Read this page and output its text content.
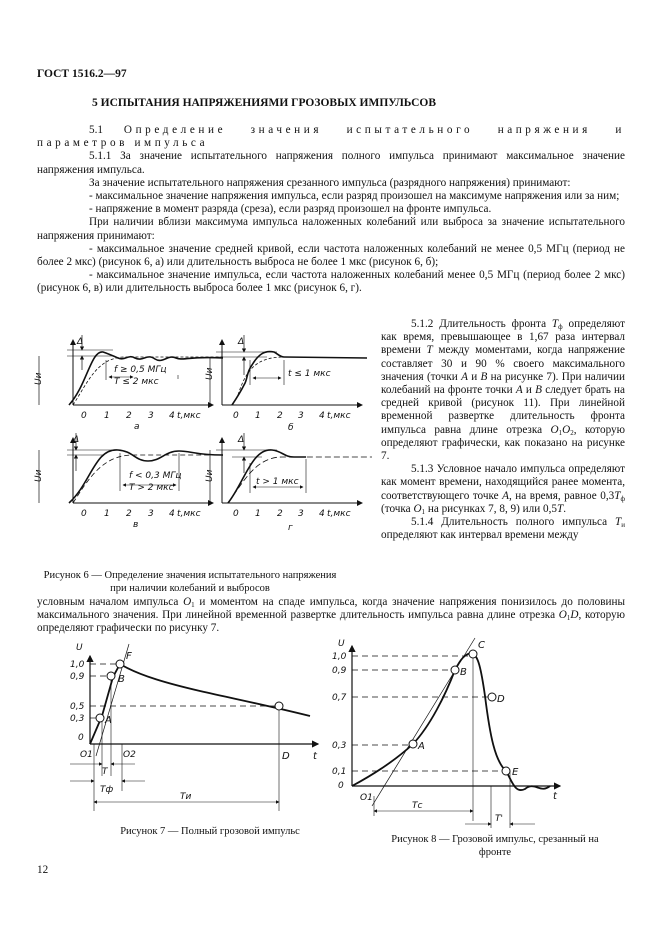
ГОСТ 1516.2—97
5 ИСПЫТАНИЯ НАПРЯЖЕНИЯМИ ГРОЗОВЫХ ИМПУЛЬСОВ

5.1 Определение значения испытательного напряжения и параметров импульса

5.1.1 За значение испытательного напряжения полного импульса принимают максимальное значение напряжения импульса.

За значение испытательного напряжения срезанного импульса (разрядного напряжения) принимают:

- максимальное значение напряжения импульса, если разряд произошел на максимуме напряжения или за ним;

- напряжение в момент разряда (среза), если разряд произошел на фронте импульса.

При наличии вблизи максимума импульса наложенных колебаний или выброса за значение испытательного напряжения принимают:

- максимальное значение средней кривой, если частота наложенных колебаний не менее 0,5 МГц (период не более 2 мкс) (рисунок 6, а) или длительность выброса не более 1 мкс (рисунок 6, б);

- максимальное значение импульса, если частота наложенных колебаний менее 0,5 МГц (период более 2 мкс) (рисунок 6, в) или длительность выброса более 1 мкс (рисунок 6, г).

5.1.2 Длительность фронта $T_ф$ определяют как время, превышающее в 1,67 раза интервал времени T между моментами, когда напряжение составляет 30 и 90 % своего максимального значения (точки A и B на рисунке 7). При наличии колебаний на фронте точки A и B следует брать на средней кривой (рисунок 11). При линейной временной развертке длительность фронта импульса равна длине отрезка $O_1O_2$, которую определяют графически, как показано на рисунке 7.

5.1.3 Условное начало импульса определяют как момент времени, находящийся ранее момента, соответствующего точке A, на время, равное $0,3T_ф$ (точка $O_1$ на рисунках 7, 8, 9) или 0,5T.

5.1.4 Длительность полного импульса $T_и$ определяют как интервал времени между

условным началом импульса $O_1$ и моментом на спаде импульса, когда значение напряжения понизилось до половины максимального значения. При линейной временной развертке длительность импульса равна длине отрезка $O_1D$, которую определяют графически по рисунку 7.

Uи
Δ
0 1 2 3 4 t,мкс
а
f ≥ 0,5 МГц
T ≤ 2 мкс
Uи
Δ
0 1 2 3 4 t,мкс
б
t ≤ 1 мкс
Uи
Δ
0 1 2 3 4 t,мкс
в
f < 0,3 МГц
T > 2 мкс
Uи
Δ
0 1 2 3 4 t,мкс
г
t > 1 мкс
U
1,0
0,9
0,5
0,3
0
F
B
A
D
O1	O2	t
T
Tф
Tи
U
1,0
0,9
0,7
0,3
0,1
0
C
B
D
A
E
O1	t
Tс
T'
Рисунок 6 — Определение значения испытательного напряжения при наличии колебаний и выбросов
Рисунок 7 — Полный грозовой импульс
Рисунок 8 — Грозовой импульс, срезанный на фронте
12
